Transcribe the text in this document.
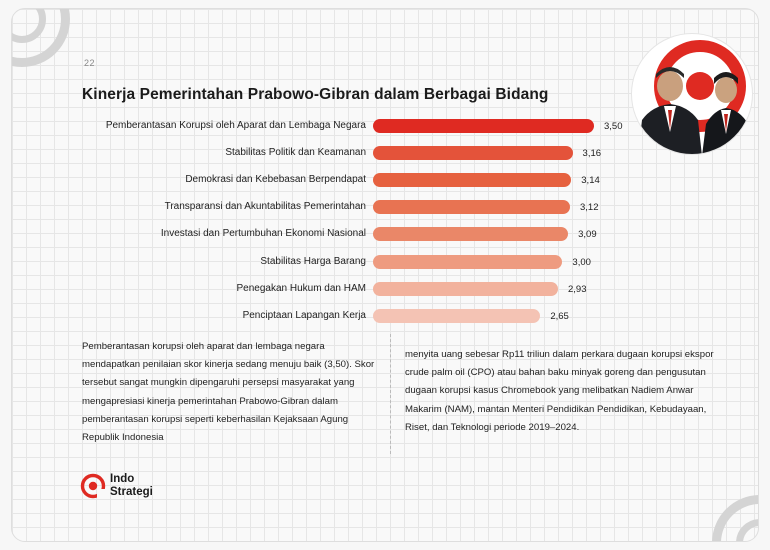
22
Kinerja Pemerintahan Prabowo-Gibran dalam Berbagai Bidang
Pemberantasan Korupsi oleh Aparat dan Lembaga Negara	3,50
Stabilitas Politik dan Keamanan	3,16
Demokrasi dan Kebebasan Berpendapat	3,14
Transparansi dan Akuntabilitas Pemerintahan	3,12
Investasi dan Pertumbuhan Ekonomi Nasional	3,09
Stabilitas Harga Barang	3,00
Penegakan Hukum dan HAM	2,93
Penciptaan Lapangan Kerja	2,65

Pemberantasan korupsi oleh aparat dan lembaga negara mendapatkan penilaian skor kinerja sedang menuju baik (3,50). Skor tersebut sangat mungkin dipengaruhi persepsi masyarakat yang mengapresiasi kinerja pemerintahan Prabowo-Gibran dalam pemberantasan korupsi seperti keberhasilan Kejaksaan Agung Republik Indonesia

menyita uang sebesar Rp11 triliun dalam perkara dugaan korupsi ekspor crude palm oil (CPO) atau bahan baku minyak goreng dan pengusutan dugaan korupsi kasus Chromebook yang melibatkan Nadiem Anwar Makarim (NAM), mantan Menteri Pendidikan Pendidikan, Kebudayaan, Riset, dan Teknologi periode 2019–2024.

Indo
Strategi
